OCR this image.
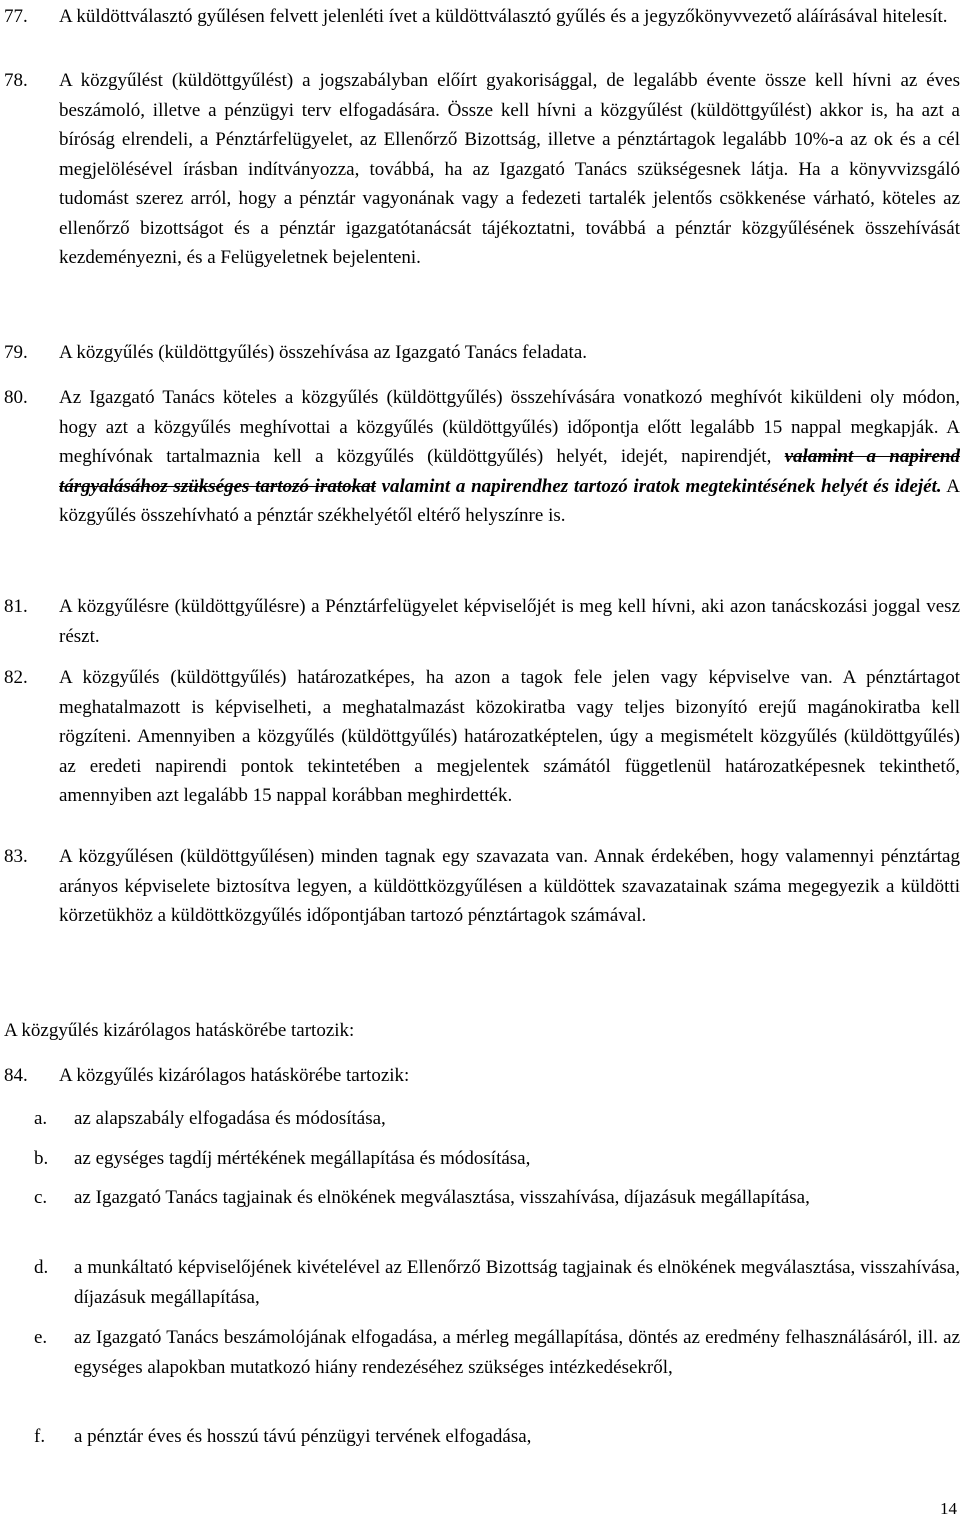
77. A küldöttválasztó gyűlésen felvett jelenléti ívet a küldöttválasztó gyűlés és a jegyzőkönyvvezető aláírásával hitelesít.
78. A közgyűlést (küldöttgyűlést) a jogszabályban előírt gyakorisággal, de legalább évente össze kell hívni az éves beszámoló, illetve a pénzügyi terv elfogadására. Össze kell hívni a közgyűlést (küldöttgyűlést) akkor is, ha azt a bíróság elrendeli, a Pénztárfelügyelet, az Ellenőrző Bizottság, illetve a pénztártagok legalább 10%-a az ok és a cél megjelölésével írásban indítványozza, továbbá, ha az Igazgató Tanács szükségesnek látja. Ha a könyvvizsgáló tudomást szerez arról, hogy a pénztár vagyonának vagy a fedezeti tartalék jelentős csökkenése várható, köteles az ellenőrző bizottságot és a pénztár igazgatótanácsát tájékoztatni, továbbá a pénztár közgyűlésének összehívását kezdeményezni, és a Felügyeletnek bejelenteni.
79. A közgyűlés (küldöttgyűlés) összehívása az Igazgató Tanács feladata.
80. Az Igazgató Tanács köteles a közgyűlés (küldöttgyűlés) összehívására vonatkozó meghívót kiküldeni oly módon, hogy azt a közgyűlés meghívottai a közgyűlés (küldöttgyűlés) időpontja előtt legalább 15 nappal megkapják. A meghívónak tartalmaznia kell a közgyűlés (küldöttgyűlés) helyét, idejét, napirendjét, valamint a napirend tárgyalásához szükséges tartozó iratokat valamint a napirendhez tartozó iratok megtekintésének helyét és idejét. A közgyűlés összehívható a pénztár székhelyétől eltérő helyszínre is.
81. A közgyűlésre (küldöttgyűlésre) a Pénztárfelügyelet képviselőjét is meg kell hívni, aki azon tanácskozási joggal vesz részt.
82. A közgyűlés (küldöttgyűlés) határozatképes, ha azon a tagok fele jelen vagy képviselve van. A pénztártagot meghatalmazott is képviselheti, a meghatalmazást közokiratba vagy teljes bizonyító erejű magánokiratba kell rögzíteni. Amennyiben a közgyűlés (küldöttgyűlés) határozatképtelen, úgy a megismételt közgyűlés (küldöttgyűlés) az eredeti napirendi pontok tekintetében a megjelentek számától függetlenül határozatképesnek tekinthető, amennyiben azt legalább 15 nappal korábban meghirdették.
83. A közgyűlésen (küldöttgyűlésen) minden tagnak egy szavazata van. Annak érdekében, hogy valamennyi pénztártag arányos képviselete biztosítva legyen, a küldöttközgyűlésen a küldöttek szavazatainak száma megegyezik a küldötti körzetükhöz a küldöttközgyűlés időpontjában tartozó pénztártagok számával.
A közgyűlés kizárólagos hatáskörébe tartozik:
84. A közgyűlés kizárólagos hatáskörébe tartozik:
a. az alapszabály elfogadása és módosítása,
b. az egységes tagdíj mértékének megállapítása és módosítása,
c. az Igazgató Tanács tagjainak és elnökének megválasztása, visszahívása, díjazásuk megállapítása,
d. a munkáltató képviselőjének kivételével az Ellenőrző Bizottság tagjainak és elnökének megválasztása, visszahívása, díjazásuk megállapítása,
e. az Igazgató Tanács beszámolójának elfogadása, a mérleg megállapítása, döntés az eredmény felhasználásáról, ill. az egységes alapokban mutatkozó hiány rendezéséhez szükséges intézkedésekről,
f. a pénztár éves és hosszú távú pénzügyi tervének elfogadása,
14
